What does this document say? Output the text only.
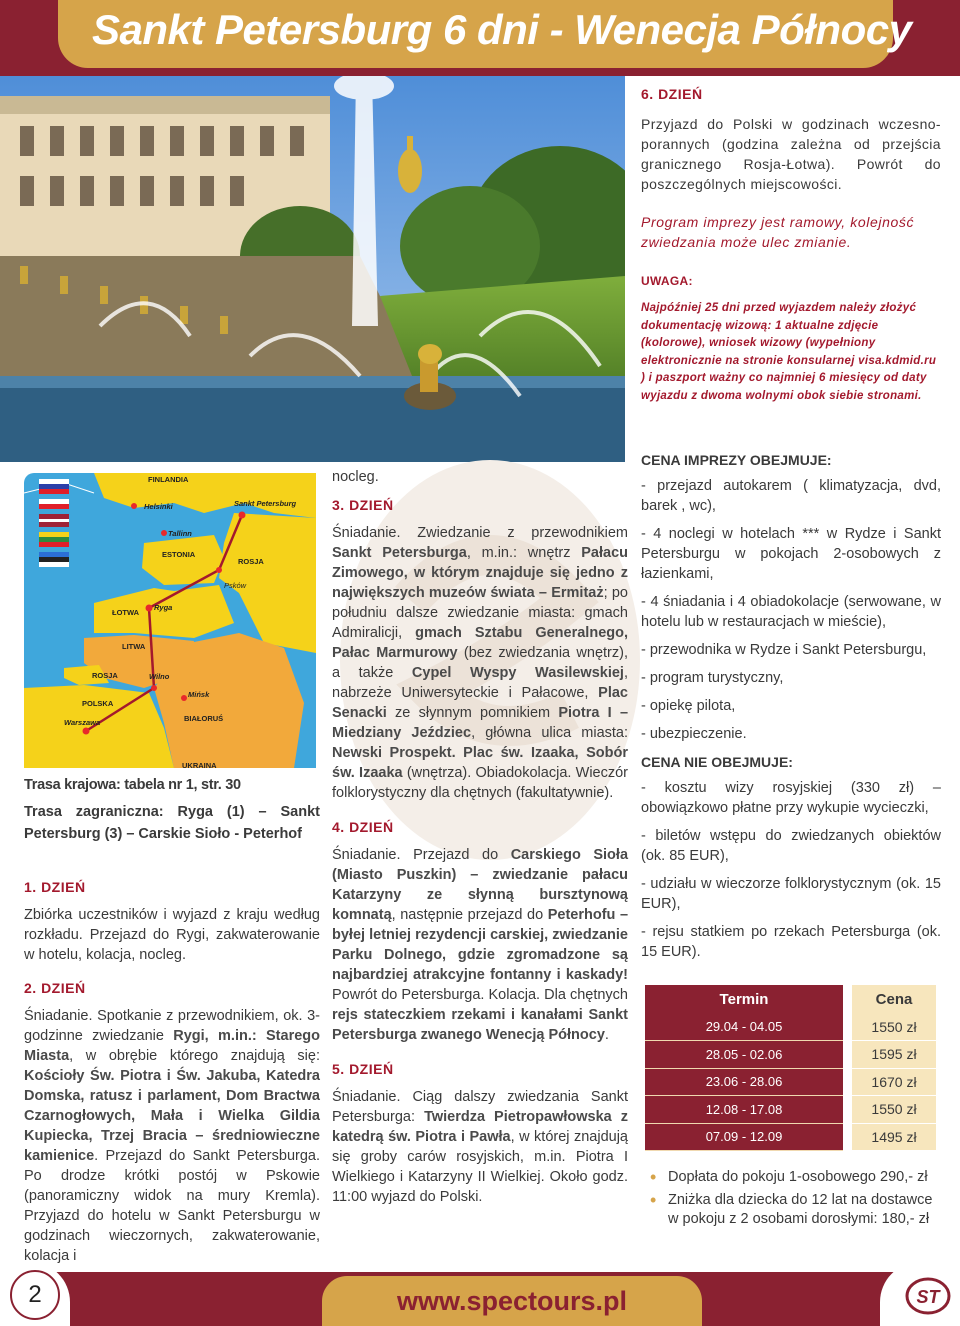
Sankt Petersburg 6 dni - Wenecja Północy
6. DZIEŃ

Przyjazd do Polski w godzinach wczesno-porannych (godzina zależna od przejścia granicznego Rosja-Łotwa). Powrót do poszczególnych miejscowości.

Program imprezy jest ramowy, kolejność zwiedzania może ulec zmianie.

UWAGA:

Najpóźniej 25 dni przed wyjazdem należy złożyć dokumentację wizową: 1 aktualne zdjęcie (kolorowe), wniosek wizowy (wypełniony elektronicznie na stronie konsularnej visa.kdmid.ru ) i paszport ważny co najmniej 6 miesięcy od daty wyjazdu z dwoma wolnymi obok siebie stronami.

FINLANDIA
Helsinki	Sankt Petersburg
Tallinn
ESTONIA
ROSJA
Psków
ŁOTWA
Ryga
LITWA
Wilno
ROSJA
POLSKA
Mińsk
BIAŁORUŚ
Warszawa
UKRAINA
Trasa krajowa: tabela nr 1, str. 30
Trasa zagraniczna: Ryga (1) – Sankt Petersburg (3) – Carskie Sioło - Peterhof
1. DZIEŃ

Zbiórka uczestników i wyjazd z kraju według rozkładu. Przejazd do Rygi, zakwaterowanie w hotelu, kolacja, nocleg.

2. DZIEŃ

Śniadanie. Spotkanie z przewodnikiem, ok. 3-godzinne zwiedzanie Rygi, m.in.: Starego Miasta, w obrębie którego znajdują się: Kościoły Św. Piotra i Św. Jakuba, Katedra Domska, ratusz i parlament, Dom Bractwa Czarnogłowych, Mała i Wielka Gildia Kupiecka, Trzej Bracia – średniowieczne kamienice. Przejazd do Sankt Petersburga. Po drodze krótki postój w Pskowie (panoramiczny widok na mury Kremla). Przyjazd do hotelu w Sankt Petersburgu w godzinach wieczornych, zakwaterowanie, kolacja i

nocleg.

3. DZIEŃ

Śniadanie. Zwiedzanie z przewodnikiem Sankt Petersburga, m.in.: wnętrz Pałacu Zimowego, w którym znajduje się jedno z największych muzeów świata – Ermitaż; po południu dalsze zwiedzanie miasta: gmach Admiralicji, gmach Sztabu Generalnego, Pałac Marmurowy (bez zwiedzania wnętrz), a także Cypel Wyspy Wasilewskiej, nabrzeże Uniwersyteckie i Pałacowe, Plac Senacki ze słynnym pomnikiem Piotra I – Miedziany Jeździec, główna ulica miasta: Newski Prospekt. Plac św. Izaaka, Sobór św. Izaaka (wnętrza). Obiadokolacja. Wieczór folklorystyczny dla chętnych (fakultatywnie).

4. DZIEŃ

Śniadanie. Przejazd do Carskiego Sioła (Miasto Puszkin) – zwiedzanie pałacu Katarzyny ze słynną bursztynową komnatą, następnie przejazd do Peterhofu – byłej letniej rezydencji carskiej, zwiedzanie Parku Dolnego, gdzie zgromadzone są najbardziej atrakcyjne fontanny i kaskady! Powrót do Petersburga. Kolacja. Dla chętnych rejs stateczkiem rzekami i kanałami Sankt Petersburga zwanego Wenecją Północy.

5. DZIEŃ

Śniadanie. Ciąg dalszy zwiedzania Sankt Petersburga: Twierdza Pietropawłowska z katedrą św. Piotra i Pawła, w której znajdują się groby carów rosyjskich, m.in. Piotra I Wielkiego i Katarzyny II Wielkiej. Około godz. 11:00 wyjazd do Polski.

CENA IMPREZY OBEJMUJE:
- przejazd autokarem ( klimatyzacja, dvd, barek , wc),
- 4 noclegi w hotelach *** w Rydze i Sankt Petersburgu w pokojach 2-osobowych z łazienkami,
- 4 śniadania i 4 obiadokolacje (serwowane, w hotelu lub w restauracjach w mieście),
- przewodnika w Rydze i Sankt Petersburgu,
- program turystyczny,
- opiekę pilota,
- ubezpieczenie.
CENA NIE OBEJMUJE:
- kosztu wizy rosyjskiej (330 zł) – obowiązkowo płatne przy wykupie wycieczki,
- biletów wstępu do zwiedzanych obiektów (ok. 85 EUR),
- udziału w wieczorze folklorystycznym (ok. 15 EUR),
- rejsu statkiem po rzekach Petersburga (ok. 15 EUR).
Termin	Cena
29.04 - 04.05	1550 zł
28.05 - 02.06	1595 zł
23.06 - 28.06	1670 zł
12.08 - 17.08	1550 zł
07.09 - 12.09	1495 zł
• Dopłata do pokoju 1-osobowego 290,- zł
• Zniżka dla dziecka do 12 lat na dostawce w pokoju z 2 osobami dorosłymi: 180,- zł
2	www.spectours.pl	ST
